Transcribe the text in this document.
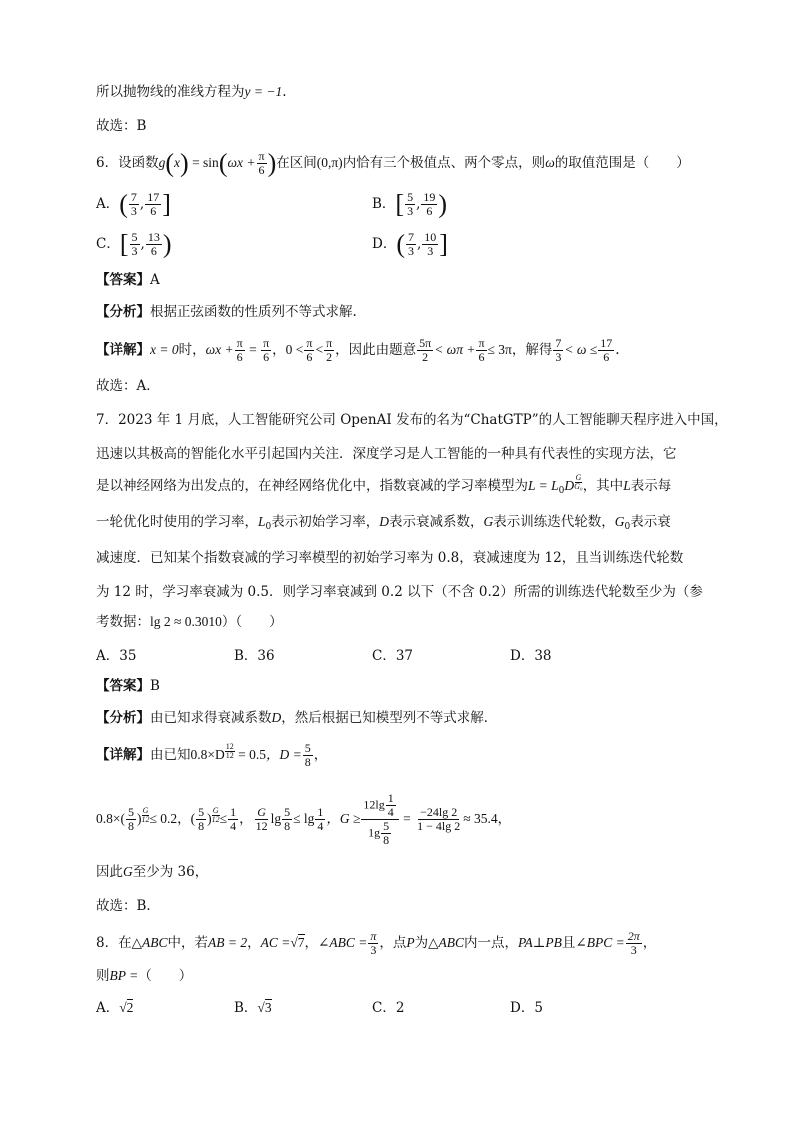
所以抛物线的准线方程为y = −1.
故选：B
6．设函数$g(x) = \sin(\omega x + \frac{\pi}{6}$ )在区间(0,π)内恰有三个极值点、两个零点，则ω的取值范围是（　　）
A．( $\frac{7}{3}$ , $\frac{17}{6}$ ]	B．[ $\frac{5}{3}$ , $\frac{19}{6}$ )
C．[ $\frac{5}{3}$ , $\frac{13}{6}$ )	D．( $\frac{7}{3}$ , $\frac{10}{3}$ ]
【答案】A
【分析】根据正弦函数的性质列不等式求解.
【详解】x = 0时，$\omega x + \frac{\pi}{6} = \frac{\pi}{6}$ ，$0 < \frac{\pi}{6} < \frac{\pi}{2}$ ，因此由题意 $\frac{5\pi}{2} < \omega\pi + \frac{\pi}{6} \le 3\pi$，解得 $\frac{7}{3} < \omega \le \frac{17}{6}$ .
故选：A．
7．2023 年 1 月底，人工智能研究公司 OpenAI 发布的名为“ChatGTP”的人工智能聊天程序进入中国，
迅速以其极高的智能化水平引起国内关注．深度学习是人工智能的一种具有代表性的实现方法，它
是以神经网络为出发点的，在神经网络优化中，指数衰减的学习率模型为$L = L_0D \frac{G}{\text{G₀}}$ ，其中L表示每
一轮优化时使用的学习率，$L_0$表示初始学习率，D表示衰减系数，G表示训练迭代轮数，$G_0$表示衰
减速度．已知某个指数衰减的学习率模型的初始学习率为 0.8，衰减速度为 12，且当训练迭代轮数
为 12 时，学习率衰减为 0.5．则学习率衰减到 0.2 以下（不含 0.2）所需的训练迭代轮数至少为（参
考数据：lg 2 ≈ 0.3010）（　　）
A．35	B．36	C．37	D．38
【答案】B
【分析】由已知求得衰减系数D，然后根据已知模型列不等式求解．
【详解】由已知$0.8\times D \frac{12}{12} = 0.5$，$D = \frac{5}{8}$ ，
$0.8\times( \frac{5}{8}$ ) $\frac{G}{12} \le 0.2$，( $\frac{5}{8}$ ) $\frac{G}{12} \le \frac{1}{4}$ ， $\frac{G}{12}$ $\lg \frac{5}{8} \le \lg \frac{1}{4}$ ，$G \ge \frac{12\lg \frac{1}{4}}{1g \frac{5}{8}} = \frac{-24\lg 2}{1 - 4\lg 2} \approx 35.4$，
因此G至少为 36，
故选：B．
8．在△ABC中，若AB = 2，AC =√7，∠ABC = $\frac{\pi}{3}$ ，点P为△ABC内一点，PA⊥PB且∠BPC = $\frac{2\pi}{3}$ ，
则BP =（　　）
A．√2	B．√3	C．2	D．5
